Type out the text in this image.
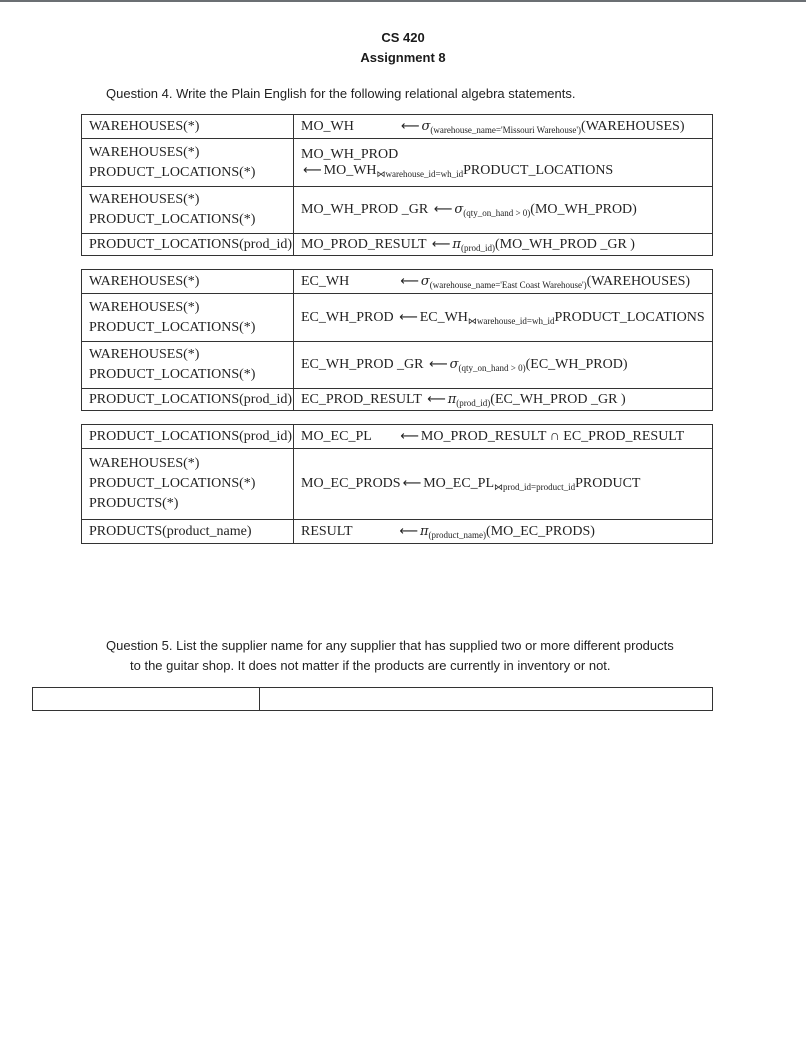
CS 420
Assignment 8
Question 4. Write the Plain English for the following relational algebra statements.
WAREHOUSES(*)	MO_WH ⟵ $\sigma_{(warehouse\_name='Missouri Warehouse')}(WAREHOUSES)$

WAREHOUSES(*)
PRODUCT_LOCATIONS(*)	MO_WH_PROD ⟵ $MO\_WH_{⋈warehouse\_id=wh\_id}PRODUCT\_LOCATIONS$

WAREHOUSES(*)
PRODUCT_LOCATIONS(*)	MO_WH_PROD _GR ⟵ $\sigma_{(qty\_on\_hand > 0)}(MO\_WH\_PROD)$
PRODUCT_LOCATIONS(prod_id)	MO_PROD_RESULT ⟵ $\pi_{(prod\_id)}(MO\_WH\_PROD$ _GR )
WAREHOUSES(*)	EC_WH ⟵ $\sigma_{(warehouse\_name='East Coast Warehouse')}(WAREHOUSES)$

WAREHOUSES(*)
PRODUCT_LOCATIONS(*)	EC_WH_PROD ⟵ $EC\_WH_{⋈warehouse\_id=wh\_id}PRODUCT\_LOCATIONS$

WAREHOUSES(*)
PRODUCT_LOCATIONS(*)	EC_WH_PROD _GR ⟵ $\sigma_{(qty\_on\_hand > 0)}(EC\_WH\_PROD)$
PRODUCT_LOCATIONS(prod_id)	EC_PROD_RESULT ⟵ $\pi_{(prod\_id)}(EC\_WH\_PROD$ _GR )
PRODUCT_LOCATIONS(prod_id)	MO_EC_PL ⟵ MO_PROD_RESULT ∩ EC_PROD_RESULT

WAREHOUSES(*)
PRODUCT_LOCATIONS(*)
PRODUCTS(*)	MO_EC_PRODS ⟵ $MO\_EC\_PL_{⋈prod\_id=product\_id}PRODUCT$
PRODUCTS(product_name)	RESULT ⟵ $\pi_{(product\_name)}(MO\_EC\_PRODS)$
Question 5. List the supplier name for any supplier that has supplied two or more different products
to the guitar shop. It does not matter if the products are currently in inventory or not.
